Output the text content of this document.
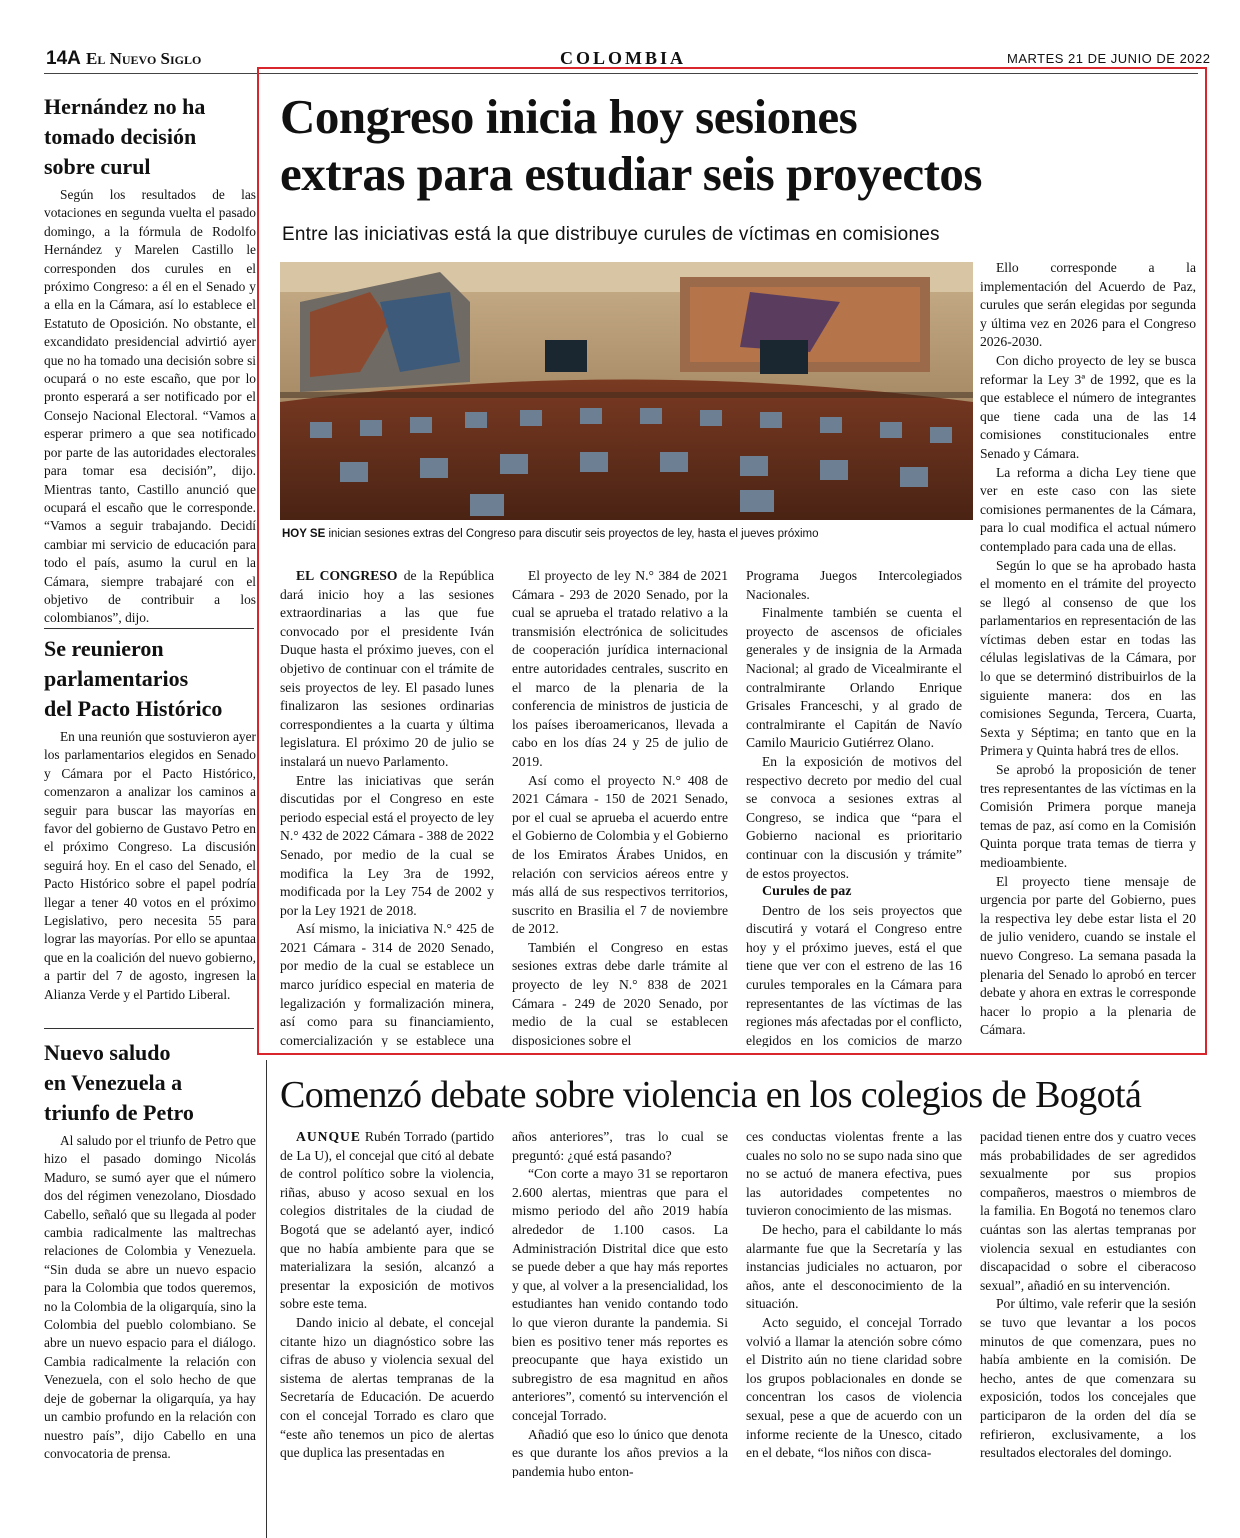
14A El Nuevo Siglo	COLOMBIA	MARTES 21 DE JUNIO DE 2022
Hernández no ha
tomado decisión
sobre curul

Según los resultados de las votaciones en segunda vuelta el pasado domingo, a la fórmula de Rodolfo Hernández y Marelen Castillo le corresponden dos curules en el próximo Congreso: a él en el Senado y a ella en la Cámara, así lo establece el Estatuto de Oposición. No obstante, el excandidato presidencial advirtió ayer que no ha tomado una decisión sobre si ocupará o no este escaño, que por lo pronto esperará a ser notificado por el Consejo Nacional Electoral. “Vamos a esperar primero a que sea notificado por parte de las autoridades electorales para tomar esa decisión”, dijo. Mientras tanto, Castillo anunció que ocupará el escaño que le corresponde. “Vamos a seguir trabajando. Decidí cambiar mi servicio de educación para todo el país, asumo la curul en la Cámara, siempre trabajaré con el objetivo de contribuir a los colombianos”, dijo.

Se reunieron
parlamentarios
del Pacto Histórico

En una reunión que sostuvieron ayer los parlamentarios elegidos en Senado y Cámara por el Pacto Histórico, comenzaron a analizar los caminos a seguir para buscar las mayorías en favor del gobierno de Gustavo Petro en el próximo Congreso. La discusión seguirá hoy. En el caso del Senado, el Pacto Histórico sobre el papel podría llegar a tener 40 votos en el próximo Legislativo, pero necesita 55 para lograr las mayorías. Por ello se apuntaa que en la coalición del nuevo gobierno, a partir del 7 de agosto, ingresen la Alianza Verde y el Partido Liberal.

Nuevo saludo
en Venezuela a
triunfo de Petro

Al saludo por el triunfo de Petro que hizo el pasado domingo Nicolás Maduro, se sumó ayer que el número dos del régimen venezolano, Diosdado Cabello, señaló que su llegada al poder cambia radicalmente las maltrechas relaciones de Colombia y Venezuela. “Sin duda se abre un nuevo espacio para la Colombia que todos queremos, no la Colombia de la oligarquía, sino la Colombia del pueblo colombiano. Se abre un nuevo espacio para el diálogo. Cambia radicalmente la relación con Venezuela, con el solo hecho de que deje de gobernar la oligarquía, ya hay un cambio profundo en la relación con nuestro país”, dijo Cabello en una convocatoria de prensa.

Congreso inicia hoy sesiones
extras para estudiar seis proyectos
Entre las iniciativas está la que distribuye curules de víctimas en comisiones
HOY SE inician sesiones extras del Congreso para discutir seis proyectos de ley, hasta el jueves próximo

EL CONGRESO de la República dará inicio hoy a las sesiones extraordinarias a las que fue convocado por el presidente Iván Duque hasta el próximo jueves, con el objetivo de continuar con el trámite de seis proyectos de ley. El pasado lunes finalizaron las sesiones ordinarias correspondientes a la cuarta y última legislatura. El próximo 20 de julio se instalará un nuevo Parlamento.

Entre las iniciativas que serán discutidas por el Congreso en este periodo especial está el proyecto de ley N.° 432 de 2022 Cámara - 388 de 2022 Senado, por medio de la cual se modifica la Ley 3ra de 1992, modificada por la Ley 754 de 2002 y por la Ley 1921 de 2018.

Así mismo, la iniciativa N.° 425 de 2021 Cámara - 314 de 2020 Senado, por medio de la cual se establece un marco jurídico especial en materia de legalización y formalización minera, así como para su financiamiento, comercialización y se establece una

El proyecto de ley N.° 384 de 2021 Cámara - 293 de 2020 Senado, por la cual se aprueba el tratado relativo a la transmisión electrónica de solicitudes de cooperación jurídica internacional entre autoridades centrales, suscrito en el marco de la plenaria de la conferencia de ministros de justicia de los países iberoamericanos, llevada a cabo en los días 24 y 25 de julio de 2019.

Así como el proyecto N.° 408 de 2021 Cámara - 150 de 2021 Senado, por el cual se aprueba el acuerdo entre el Gobierno de Colombia y el Gobierno de los Emiratos Árabes Unidos, en relación con servicios aéreos entre y más allá de sus respectivos territorios, suscrito en Brasilia el 7 de noviembre de 2012.

También el Congreso en estas sesiones extras debe darle trámite al proyecto de ley N.° 838 de 2021 Cámara - 249 de 2020 Senado, por medio de la cual se establecen disposiciones sobre el

Programa Juegos Intercolegiados Nacionales.

Finalmente también se cuenta el proyecto de ascensos de oficiales generales y de insignia de la Armada Nacional; al grado de Vicealmirante el contralmirante Orlando Enrique Grisales Franceschi, y al grado de contralmirante el Capitán de Navío Camilo Mauricio Gutiérrez Olano.

En la exposición de motivos del respectivo decreto por medio del cual se convoca a sesiones extras al Congreso, se indica que “para el Gobierno nacional es prioritario continuar con la discusión y trámite” de estos proyectos.

Curules de paz

Dentro de los seis proyectos que discutirá y votará el Congreso entre hoy y el próximo jueves, está el que tiene que ver con el estreno de las 16 curules temporales en la Cámara para representantes de las víctimas de las regiones más afectadas por el conflicto, elegidos en los comicios de marzo

Ello corresponde a la implementación del Acuerdo de Paz, curules que serán elegidas por segunda y última vez en 2026 para el Congreso 2026-2030.

Con dicho proyecto de ley se busca reformar la Ley 3ª de 1992, que es la que establece el número de integrantes que tiene cada una de las 14 comisiones constitucionales entre Senado y Cámara.

La reforma a dicha Ley tiene que ver en este caso con las siete comisiones permanentes de la Cámara, para lo cual modifica el actual número contemplado para cada una de ellas.

Según lo que se ha aprobado hasta el momento en el trámite del proyecto se llegó al consenso de que los parlamentarios en representación de las víctimas deben estar en todas las células legislativas de la Cámara, por lo que se determinó distribuirlos de la siguiente manera: dos en las comisiones Segunda, Tercera, Cuarta, Sexta y Séptima; en tanto que en la Primera y Quinta habrá tres de ellos.

Se aprobó la proposición de tener tres representantes de las víctimas en la Comisión Primera porque maneja temas de paz, así como en la Comisión Quinta porque trata temas de tierra y medioambiente.

El proyecto tiene mensaje de urgencia por parte del Gobierno, pues la respectiva ley debe estar lista el 20 de julio venidero, cuando se instale el nuevo Congreso. La semana pasada la plenaria del Senado lo aprobó en tercer debate y ahora en extras le corresponde hacer lo propio a la plenaria de Cámara.

Comenzó debate sobre violencia en los colegios de Bogotá

AUNQUE Rubén Torrado (partido de La U), el concejal que citó al debate de control político sobre la violencia, riñas, abuso y acoso sexual en los colegios distritales de la ciudad de Bogotá que se adelantó ayer, indicó que no había ambiente para que se materializara la sesión, alcanzó a presentar la exposición de motivos sobre este tema.

Dando inicio al debate, el concejal citante hizo un diagnóstico sobre las cifras de abuso y violencia sexual del sistema de alertas tempranas de la Secretaría de Educación. De acuerdo con el concejal Torrado es claro que “este año tenemos un pico de alertas que duplica las presentadas en

años anteriores”, tras lo cual se preguntó: ¿qué está pasando?

“Con corte a mayo 31 se reportaron 2.600 alertas, mientras que para el mismo periodo del año 2019 había alrededor de 1.100 casos. La Administración Distrital dice que esto se puede deber a que hay más reportes y que, al volver a la presencialidad, los estudiantes han venido contando todo lo que vieron durante la pandemia. Si bien es positivo tener más reportes es preocupante que haya existido un subregistro de esa magnitud en años anteriores”, comentó su intervención el concejal Torrado.

Añadió que eso lo único que denota es que durante los años previos a la pandemia hubo enton-

ces conductas violentas frente a las cuales no solo no se supo nada sino que no se actuó de manera efectiva, pues las autoridades competentes no tuvieron conocimiento de las mismas.

De hecho, para el cabildante lo más alarmante fue que la Secretaría y las instancias judiciales no actuaron, por años, ante el desconocimiento de la situación.

Acto seguido, el concejal Torrado volvió a llamar la atención sobre cómo el Distrito aún no tiene claridad sobre los grupos poblacionales en donde se concentran los casos de violencia sexual, pese a que de acuerdo con un informe reciente de la Unesco, citado en el debate, “los niños con disca-

pacidad tienen entre dos y cuatro veces más probabilidades de ser agredidos sexualmente por sus propios compañeros, maestros o miembros de la familia. En Bogotá no tenemos claro cuántas son las alertas tempranas por violencia sexual en estudiantes con discapacidad o sobre el ciberacoso sexual”, añadió en su intervención.

Por último, vale referir que la sesión se tuvo que levantar a los pocos minutos de que comenzara, pues no había ambiente en la comisión. De hecho, antes de que comenzara su exposición, todos los concejales que participaron de la orden del día se refirieron, exclusivamente, a los resultados electorales del domingo.
